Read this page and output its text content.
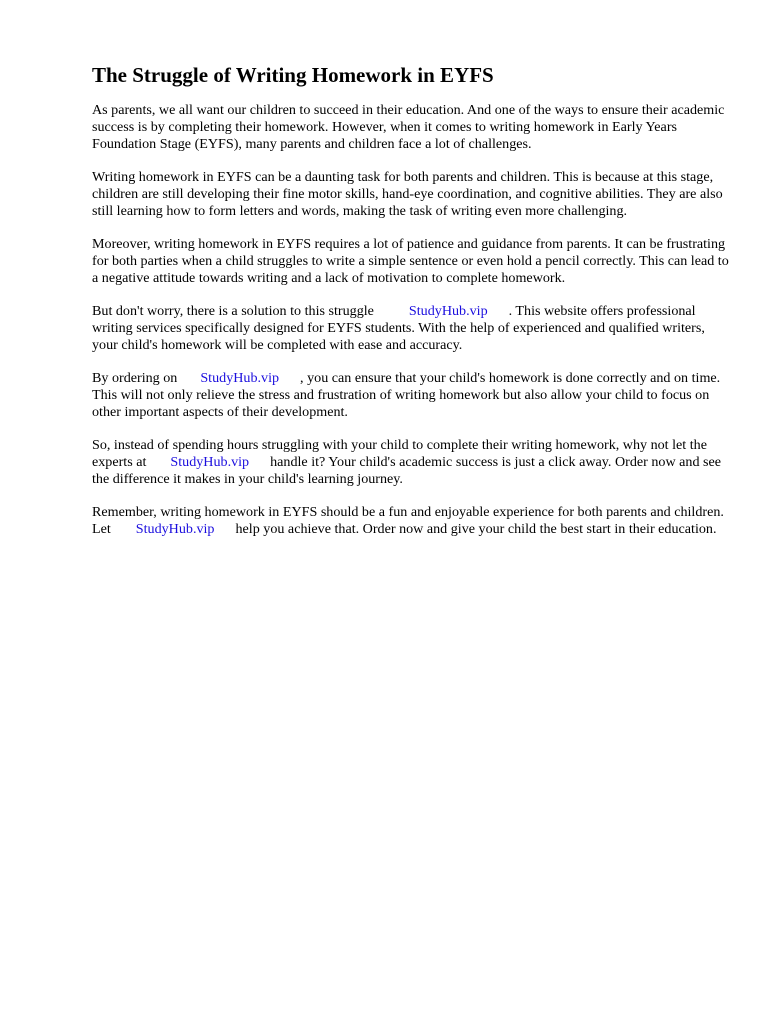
The Struggle of Writing Homework in EYFS

As parents, we all want our children to succeed in their education. And one of the ways to ensure their academic success is by completing their homework. However, when it comes to writing homework in Early Years Foundation Stage (EYFS), many parents and children face a lot of challenges.

Writing homework in EYFS can be a daunting task for both parents and children. This is because at this stage, children are still developing their fine motor skills, hand-eye coordination, and cognitive abilities. They are also still learning how to form letters and words, making the task of writing even more challenging.

Moreover, writing homework in EYFS requires a lot of patience and guidance from parents. It can be frustrating for both parties when a child struggles to write a simple sentence or even hold a pencil correctly. This can lead to a negative attitude towards writing and a lack of motivation to complete homework.

But don't worry, there is a solution to this struggle StudyHub.vip . This website offers professional writing services specifically designed for EYFS students. With the help of experienced and qualified writers, your child's homework will be completed with ease and accuracy.

By ordering on StudyHub.vip , you can ensure that your child's homework is done correctly and on time. This will not only relieve the stress and frustration of writing homework but also allow your child to focus on other important aspects of their development.

So, instead of spending hours struggling with your child to complete their writing homework, why not let the experts at StudyHub.vip handle it? Your child's academic success is just a click away. Order now and see the difference it makes in your child's learning journey.

Remember, writing homework in EYFS should be a fun and enjoyable experience for both parents and children. Let StudyHub.vip help you achieve that. Order now and give your child the best start in their education.
